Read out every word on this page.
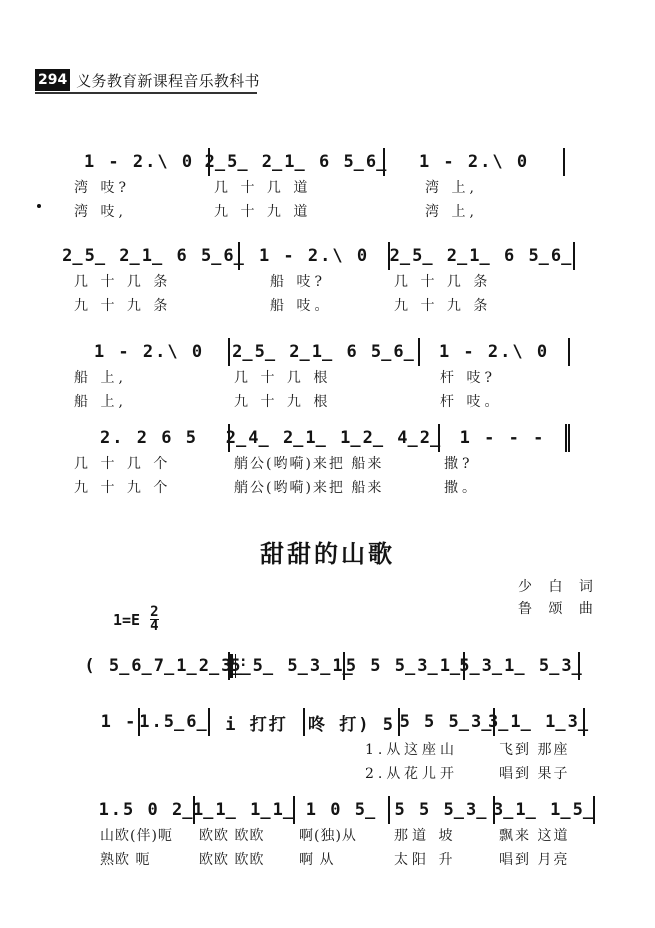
294 义务教育新课程音乐教科书
1 - 2.\ 0 2̲5̲ 2̲1̲ 6 5̲6̲ 1 - 2.\ 0
湾 吱?	几 十 几 道	湾 上,
湾 吱,	九 十 九 道	湾 上,
2̲5̲ 2̲1̲ 6 5̲6̲ 1 - 2.\ 0 2̲5̲ 2̲1̲ 6 5̲6̲
几 十 几 条	船 吱?	几 十 几 条
九 十 九 条	船 吱。	九 十 九 条
1 - 2.\ 0 2̲5̲ 2̲1̲ 6 5̲6̲ 1 - 2.\ 0
船 上,	几 十 几 根	杆 吱?
船 上,	九 十 九 根	杆 吱。
2. 2 6 5 2̲4̲ 2̲1̲ 1̲2̲ 4̲2̲ 1 - - -
几 十 几 个	艄公(哟嗬)来把 船来	撒?
九 十 九 个	艄公(哟嗬)来把 船来	撒。
甜甜的山歌
少 白 词
鲁 颂 曲
$1=E \frac{2}{4}$
( 5̲6̲7̲1̲2̲3̲
5̲5̲ 5̲3̲1̲
:
5 5 5̲3̲1̲
5̲3̲1̲ 5̲3̲
1 - 1.5̲6̲ i 打打 咚 打) 5 5 5 5̲3̲
3̲1̲ 1̲3̲
1.从 这座山	飞到 那座
2.从 花儿开	唱到 果子
1.5 0 2̲
1̲1̲ 1̲1̲ 1 0 5̲ 5 5 5̲3̲ 3̲1̲ 1̲5̲
山欧(伴)呃	欧欧 欧欧	啊(独)从	那道 坡	飘来 这道
熟欧 呃	欧欧 欧欧	啊 从	太阳 升	唱到 月亮
